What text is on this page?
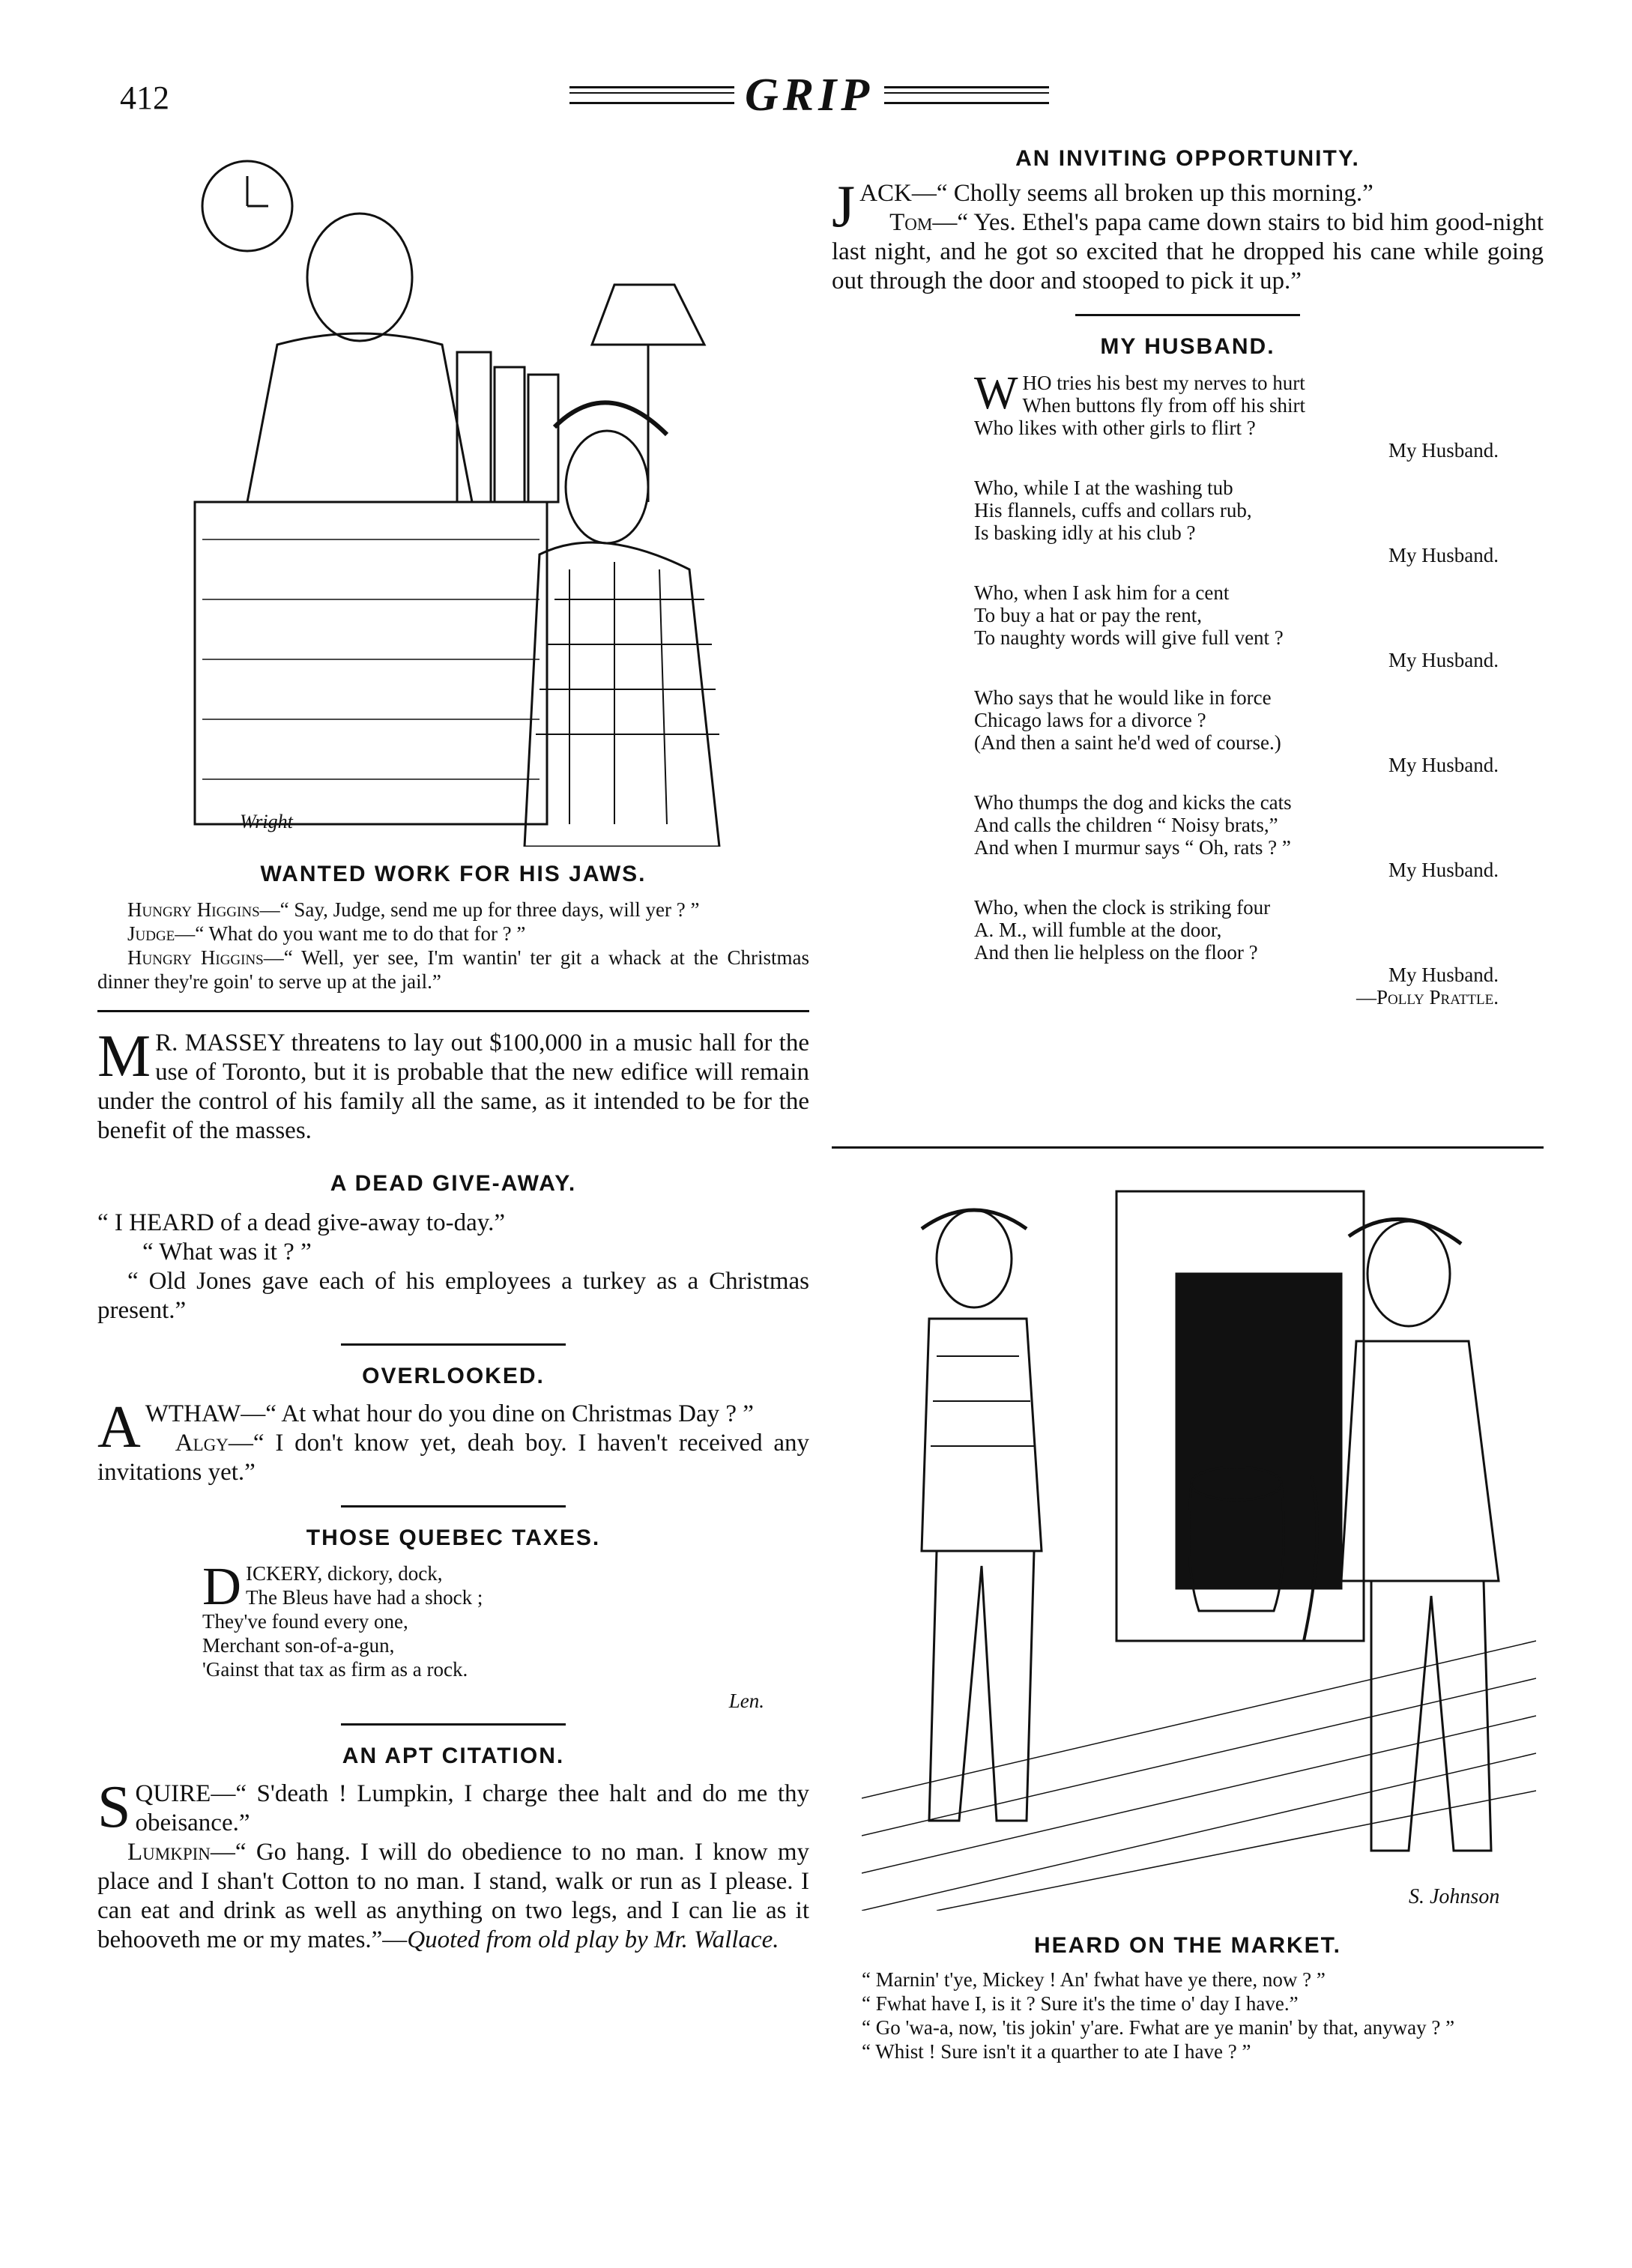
412	GRIP
Wright
WANTED WORK FOR HIS JAWS.

Hungry Higgins—“ Say, Judge, send me up for three days, will yer ? ”

Judge—“ What do you want me to do that for ? ”

Hungry Higgins—“ Well, yer see, I'm wantin' ter git a whack at the Christmas dinner they're goin' to serve up at the jail.”

M R. MASSEY threatens to lay out $100,000 in a music hall for the use of Toronto, but it is probable that the new edifice will remain under the control of his family all the same, as it intended to be for the benefit of the masses.

A DEAD GIVE-AWAY.

“ I HEARD of a dead give-away to-day.”

“ What was it ? ”

“ Old Jones gave each of his employees a turkey as a Christmas present.”

OVERLOOKED.

AWTHAW—“ At what hour do you dine on Christmas Day ? ”

Algy—“ I don't know yet, deah boy. I haven't received any invitations yet.”

THOSE QUEBEC TAXES.

DICKERY, dickory, dock,

The Bleus have had a shock ;

They've found every one,

Merchant son-of-a-gun,

'Gainst that tax as firm as a rock.

Len.

AN APT CITATION.

SQUIRE—“ S'death ! Lumpkin, I charge thee halt and do me thy obeisance.”

Lumkpin—“ Go hang. I will do obedience to no man. I know my place and I shan't Cotton to no man. I stand, walk or run as I please. I can eat and drink as well as anything on two legs, and I can lie as it behooveth me or my mates.”—Quoted from old play by Mr. Wallace.

AN INVITING OPPORTUNITY.

JACK—“ Cholly seems all broken up this morning.”

Tom—“ Yes. Ethel's papa came down stairs to bid him good-night last night, and he got so excited that he dropped his cane while going out through the door and stooped to pick it up.”

MY HUSBAND.

WHO tries his best my nerves to hurt

When buttons fly from off his shirt

Who likes with other girls to flirt ?

My Husband.

Who, while I at the washing tub

His flannels, cuffs and collars rub,

Is basking idly at his club ?

My Husband.

Who, when I ask him for a cent

To buy a hat or pay the rent,

To naughty words will give full vent ?

My Husband.

Who says that he would like in force

Chicago laws for a divorce ?

(And then a saint he'd wed of course.)

My Husband.

Who thumps the dog and kicks the cats

And calls the children “ Noisy brats,”

And when I murmur says “ Oh, rats ? ”

My Husband.

Who, when the clock is striking four

A. M., will fumble at the door,

And then lie helpless on the floor ?

My Husband.

—Polly Prattle.

S. Johnson
HEARD ON THE MARKET.

“ Marnin' t'ye, Mickey ! An' fwhat have ye there, now ? ”

“ Fwhat have I, is it ? Sure it's the time o' day I have.”

“ Go 'wa-a, now, 'tis jokin' y'are. Fwhat are ye manin' by that, anyway ? ”

“ Whist ! Sure isn't it a quarther to ate I have ? ”
